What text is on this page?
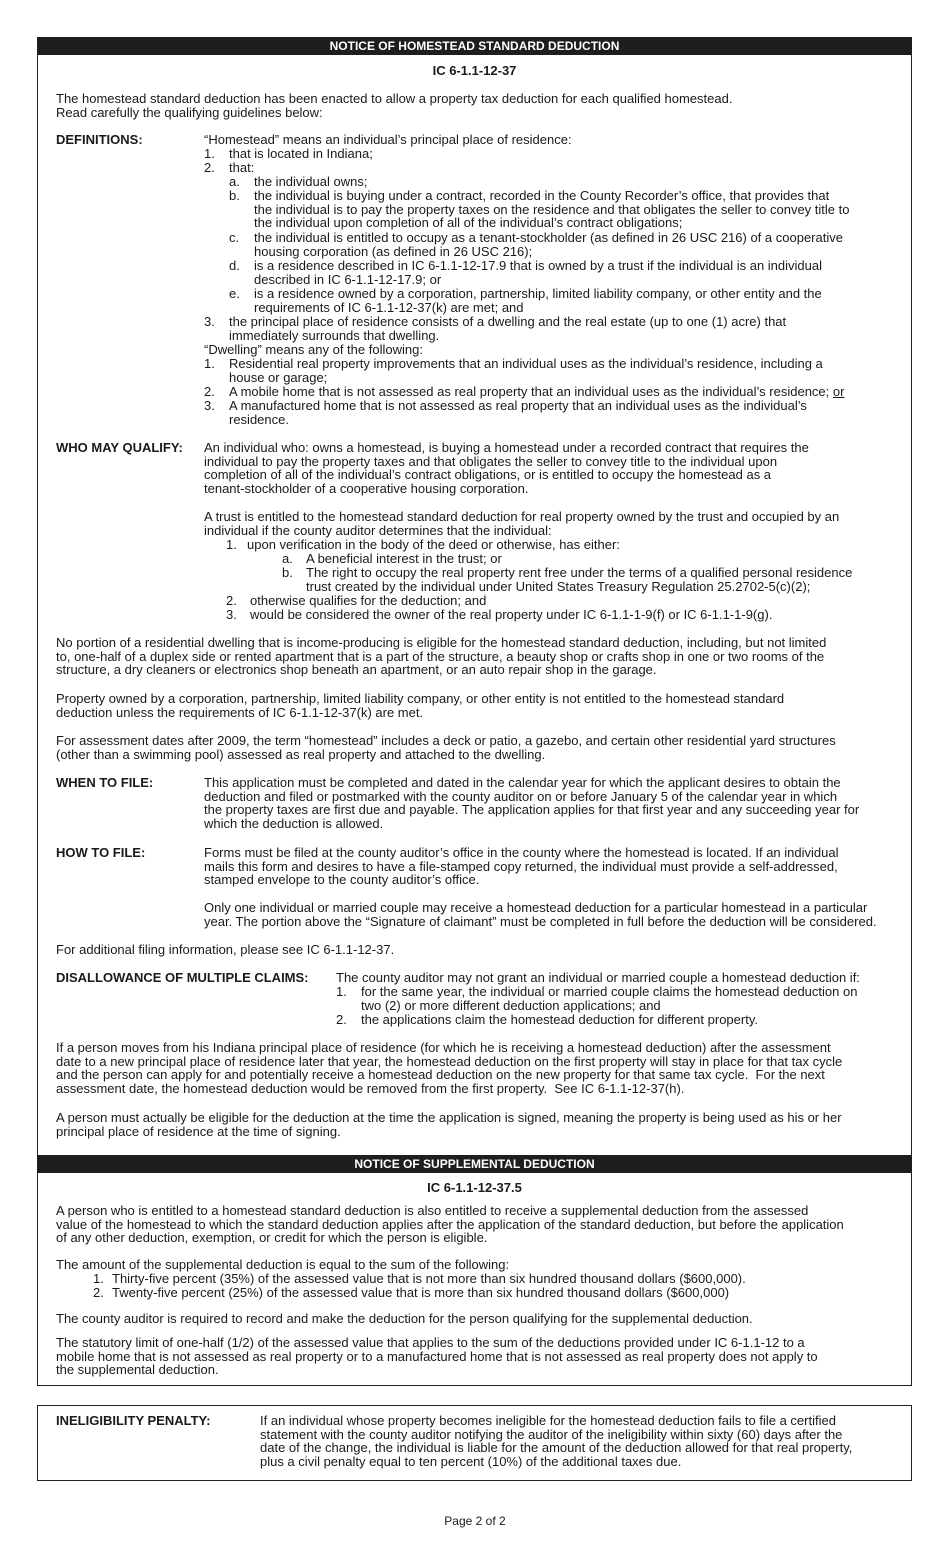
NOTICE OF HOMESTEAD STANDARD DEDUCTION
IC 6-1.1-12-37
The homestead standard deduction has been enacted to allow a property tax deduction for each qualified homestead.
Read carefully the qualifying guidelines below:
DEFINITIONS:	“Homestead” means an individual’s principal place of residence:
1. that is located in Indiana;
2. that:
a. the individual owns;
b. the individual is buying under a contract, recorded in the County Recorder’s office, that provides that
the individual is to pay the property taxes on the residence and that obligates the seller to convey title to
the individual upon completion of all of the individual’s contract obligations;
c. the individual is entitled to occupy as a tenant-stockholder (as defined in 26 USC 216) of a cooperative
housing corporation (as defined in 26 USC 216);
d. is a residence described in IC 6-1.1-12-17.9 that is owned by a trust if the individual is an individual
described in IC 6-1.1-12-17.9; or
e. is a residence owned by a corporation, partnership, limited liability company, or other entity and the
requirements of IC 6-1.1-12-37(k) are met; and
3. the principal place of residence consists of a dwelling and the real estate (up to one (1) acre) that
immediately surrounds that dwelling.
“Dwelling” means any of the following:
1. Residential real property improvements that an individual uses as the individual’s residence, including a
house or garage;
2. A mobile home that is not assessed as real property that an individual uses as the individual’s residence; or
3. A manufactured home that is not assessed as real property that an individual uses as the individual’s
residence.
WHO MAY QUALIFY: An individual who: owns a homestead, is buying a homestead under a recorded contract that requires the
individual to pay the property taxes and that obligates the seller to convey title to the individual upon
completion of all of the individual’s contract obligations, or is entitled to occupy the homestead as a
tenant-stockholder of a cooperative housing corporation.
A trust is entitled to the homestead standard deduction for real property owned by the trust and occupied by an
individual if the county auditor determines that the individual:
1. upon verification in the body of the deed or otherwise, has either:
a. A beneficial interest in the trust; or
b. The right to occupy the real property rent free under the terms of a qualified personal residence
trust created by the individual under United States Treasury Regulation 25.2702-5(c)(2);
2. otherwise qualifies for the deduction; and
3. would be considered the owner of the real property under IC 6-1.1-1-9(f) or IC 6-1.1-1-9(g).
No portion of a residential dwelling that is income-producing is eligible for the homestead standard deduction, including, but not limited
to, one-half of a duplex side or rented apartment that is a part of the structure, a beauty shop or crafts shop in one or two rooms of the
structure, a dry cleaners or electronics shop beneath an apartment, or an auto repair shop in the garage.
Property owned by a corporation, partnership, limited liability company, or other entity is not entitled to the homestead standard
deduction unless the requirements of IC 6-1.1-12-37(k) are met.
For assessment dates after 2009, the term “homestead” includes a deck or patio, a gazebo, and certain other residential yard structures
(other than a swimming pool) assessed as real property and attached to the dwelling.
WHEN TO FILE:	This application must be completed and dated in the calendar year for which the applicant desires to obtain the
deduction and filed or postmarked with the county auditor on or before January 5 of the calendar year in which
the property taxes are first due and payable. The application applies for that first year and any succeeding year for
which the deduction is allowed.
HOW TO FILE:	Forms must be filed at the county auditor’s office in the county where the homestead is located. If an individual
mails this form and desires to have a file-stamped copy returned, the individual must provide a self-addressed,
stamped envelope to the county auditor’s office.
Only one individual or married couple may receive a homestead deduction for a particular homestead in a particular
year. The portion above the “Signature of claimant” must be completed in full before the deduction will be considered.
For additional filing information, please see IC 6-1.1-12-37.
DISALLOWANCE OF MULTIPLE CLAIMS: The county auditor may not grant an individual or married couple a homestead deduction if:
1. for the same year, the individual or married couple claims the homestead deduction on
two (2) or more different deduction applications; and
2. the applications claim the homestead deduction for different property.
If a person moves from his Indiana principal place of residence (for which he is receiving a homestead deduction) after the assessment
date to a new principal place of residence later that year, the homestead deduction on the first property will stay in place for that tax cycle
and the person can apply for and potentially receive a homestead deduction on the new property for that same tax cycle.  For the next
assessment date, the homestead deduction would be removed from the first property.  See IC 6-1.1-12-37(h).
A person must actually be eligible for the deduction at the time the application is signed, meaning the property is being used as his or her
principal place of residence at the time of signing.
NOTICE OF SUPPLEMENTAL DEDUCTION
IC 6-1.1-12-37.5
A person who is entitled to a homestead standard deduction is also entitled to receive a supplemental deduction from the assessed
value of the homestead to which the standard deduction applies after the application of the standard deduction, but before the application
of any other deduction, exemption, or credit for which the person is eligible.
The amount of the supplemental deduction is equal to the sum of the following:
1. Thirty-five percent (35%) of the assessed value that is not more than six hundred thousand dollars ($600,000).
2. Twenty-five percent (25%) of the assessed value that is more than six hundred thousand dollars ($600,000)
The county auditor is required to record and make the deduction for the person qualifying for the supplemental deduction.
The statutory limit of one-half (1/2) of the assessed value that applies to the sum of the deductions provided under IC 6-1.1-12 to a
mobile home that is not assessed as real property or to a manufactured home that is not assessed as real property does not apply to
the supplemental deduction.
INELIGIBILITY PENALTY:	If an individual whose property becomes ineligible for the homestead deduction fails to file a certified
statement with the county auditor notifying the auditor of the ineligibility within sixty (60) days after the
date of the change, the individual is liable for the amount of the deduction allowed for that real property,
plus a civil penalty equal to ten percent (10%) of the additional taxes due.
Page 2 of 2
